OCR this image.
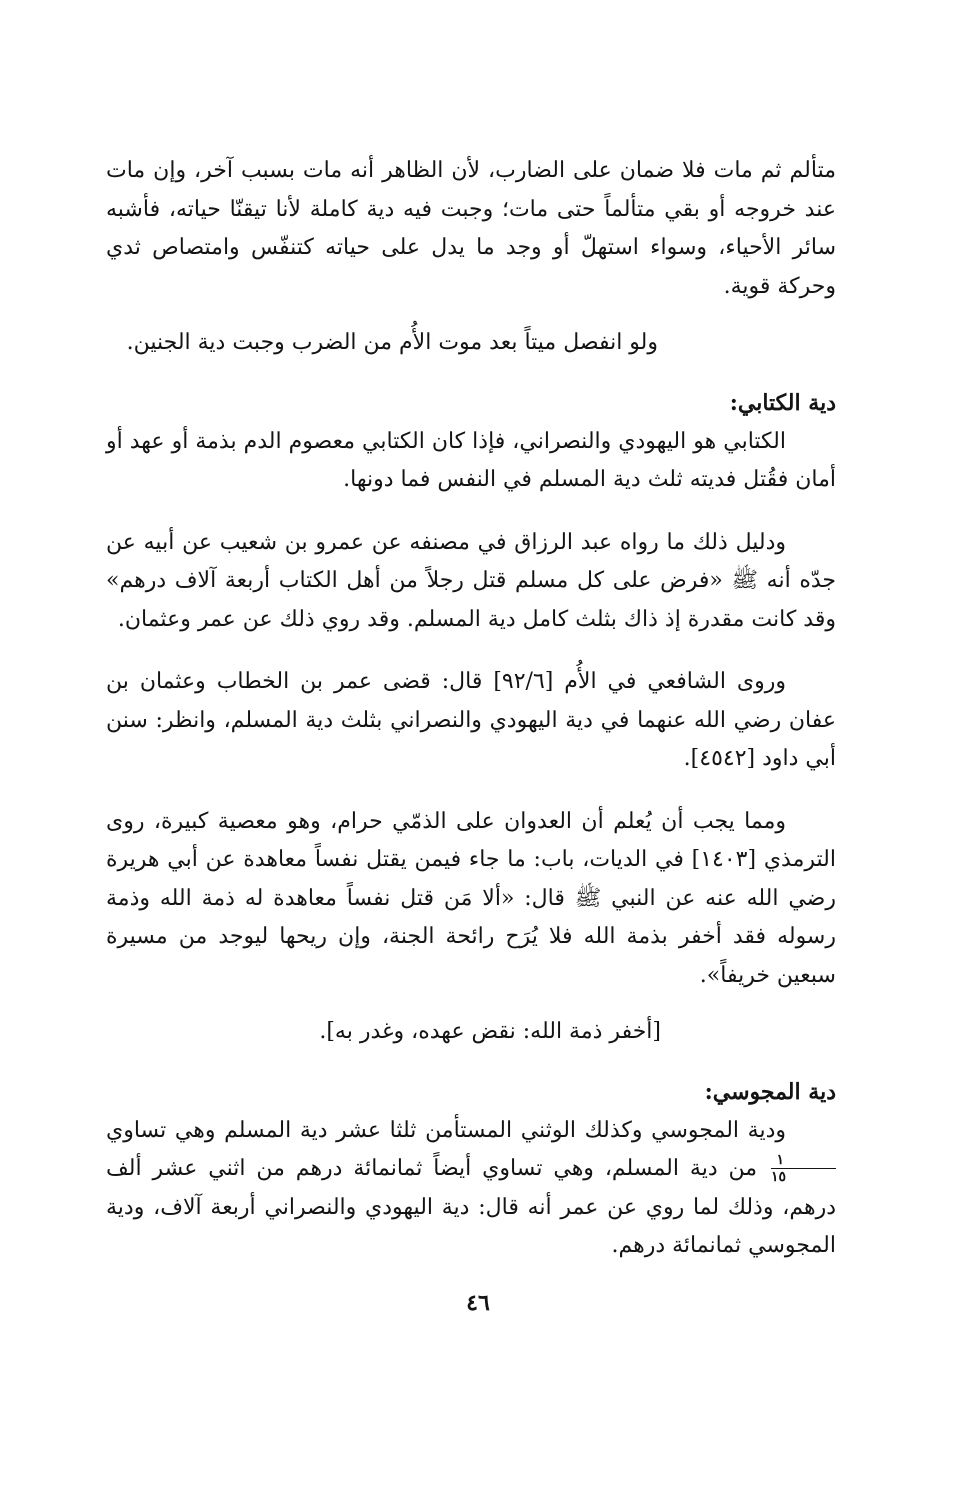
متألم ثم مات فلا ضمان على الضارب، لأن الظاهر أنه مات بسبب آخر، وإن مات عند خروجه أو بقي متألماً حتى مات؛ وجبت فيه دية كاملة لأنا تيقنّا حياته، فأشبه سائر الأحياء، وسواء استهلّ أو وجد ما يدل على حياته كتنفّس وامتصاص ثدي وحركة قوية.

ولو انفصل ميتاً بعد موت الأُم من الضرب وجبت دية الجنين.

دية الكتابي:

الكتابي هو اليهودي والنصراني، فإذا كان الكتابي معصوم الدم بذمة أو عهد أو أمان فقُتل فديته ثلث دية المسلم في النفس فما دونها.

ودليل ذلك ما رواه عبد الرزاق في مصنفه عن عمرو بن شعيب عن أبيه عن جدّه أنه ﷺ «فرض على كل مسلم قتل رجلاً من أهل الكتاب أربعة آلاف درهم» وقد كانت مقدرة إذ ذاك بثلث كامل دية المسلم. وقد روي ذلك عن عمر وعثمان.

وروى الشافعي في الأُم [٩٢/٦] قال: قضى عمر بن الخطاب وعثمان بن عفان رضي الله عنهما في دية اليهودي والنصراني بثلث دية المسلم، وانظر: سنن أبي داود [٤٥٤٢].

ومما يجب أن يُعلم أن العدوان على الذمّي حرام، وهو معصية كبيرة، روى الترمذي [١٤٠٣] في الديات، باب: ما جاء فيمن يقتل نفساً معاهدة عن أبي هريرة رضي الله عنه عن النبي ﷺ قال: «ألا مَن قتل نفساً معاهدة له ذمة الله وذمة رسوله فقد أخفر بذمة الله فلا يُرَح رائحة الجنة، وإن ريحها ليوجد من مسيرة سبعين خريفاً».

[أخفر ذمة الله: نقض عهده، وغدر به].

دية المجوسي:

ودية المجوسي وكذلك الوثني المستأمن ثلثا عشر دية المسلم وهي تساوي
$\frac{١}{١٥}$
من دية المسلم، وهي تساوي أيضاً ثمانمائة درهم من اثني عشر ألف درهم، وذلك لما روي عن عمر أنه قال: دية اليهودي والنصراني أربعة آلاف، ودية المجوسي ثمانمائة درهم.

٤٦
